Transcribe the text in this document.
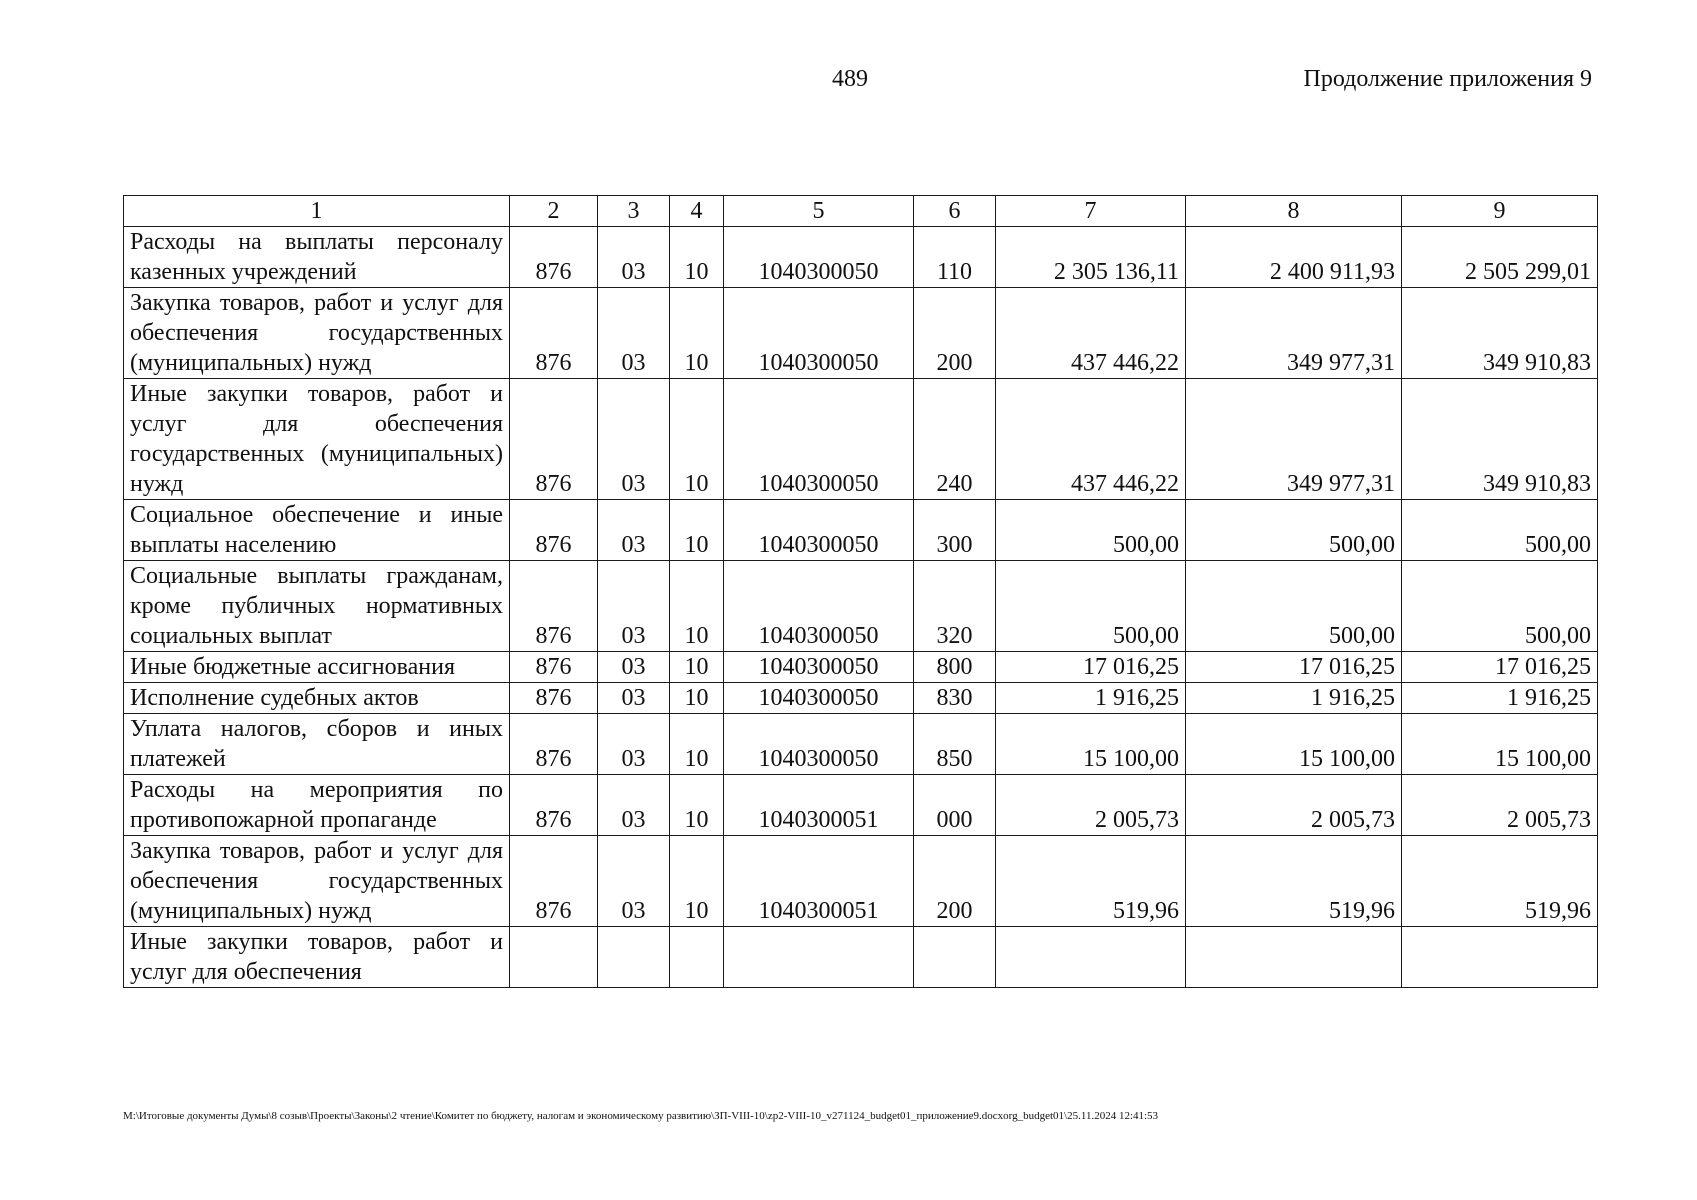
489	Продолжение приложения 9
1	2	3	4	5	6	7	8	9
Расходы на выплаты персоналу казенных учреждений	876	03	10	1040300050	110	2 305 136,11	2 400 911,93	2 505 299,01
Закупка товаров, работ и услуг для обеспечения государственных (муниципальных) нужд	876	03	10	1040300050	200	437 446,22	349 977,31	349 910,83
Иные закупки товаров, работ и услуг для обеспечения государственных (муниципальных) нужд	876	03	10	1040300050	240	437 446,22	349 977,31	349 910,83
Социальное обеспечение и иные выплаты населению	876	03	10	1040300050	300	500,00	500,00	500,00
Социальные выплаты гражданам, кроме публичных нормативных социальных выплат	876	03	10	1040300050	320	500,00	500,00	500,00
Иные бюджетные ассигнования	876	03	10	1040300050	800	17 016,25	17 016,25	17 016,25
Исполнение судебных актов	876	03	10	1040300050	830	1 916,25	1 916,25	1 916,25
Уплата налогов, сборов и иных платежей	876	03	10	1040300050	850	15 100,00	15 100,00	15 100,00
Расходы на мероприятия по противопожарной пропаганде	876	03	10	1040300051	000	2 005,73	2 005,73	2 005,73
Закупка товаров, работ и услуг для обеспечения государственных (муниципальных) нужд	876	03	10	1040300051	200	519,96	519,96	519,96
Иные закупки товаров, работ и услуг для обеспечения								
M:\Итоговые документы Думы\8 созыв\Проекты\Законы\2 чтение\Комитет по бюджету, налогам и экономическому развитию\ЗП-VIII-10\zp2-VIII-10_v271124_budget01_приложение9.docxorg_budget01\25.11.2024 12:41:53
